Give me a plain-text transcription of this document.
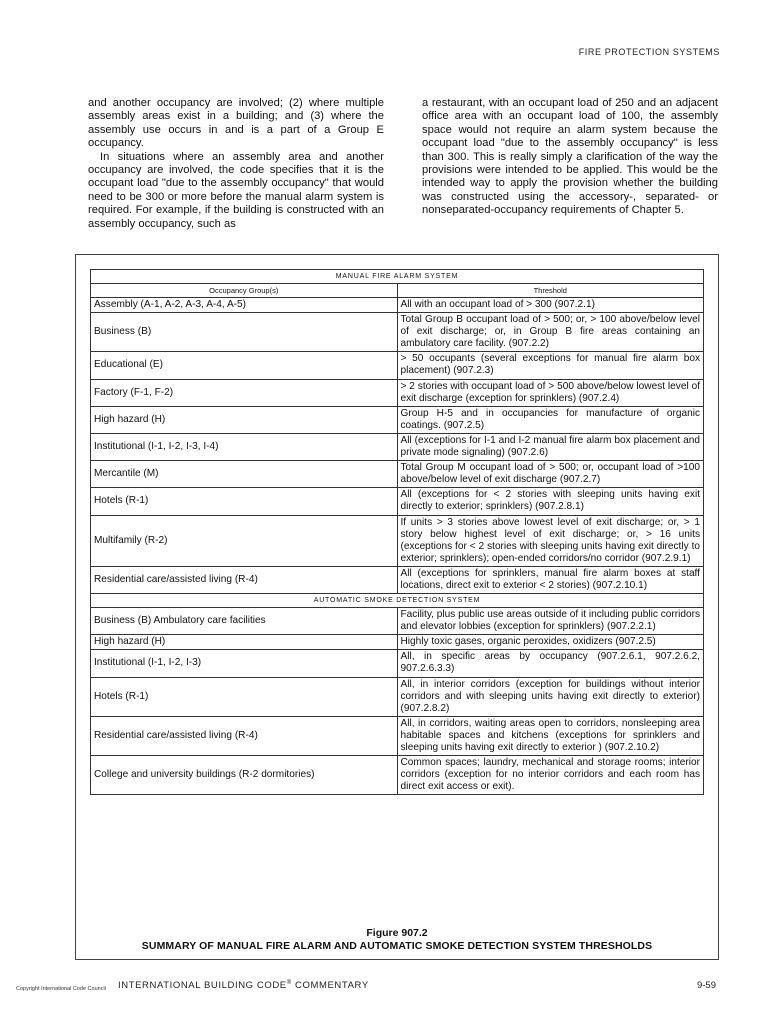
FIRE PROTECTION SYSTEMS

and another occupancy are involved; (2) where multiple assembly areas exist in a building; and (3) where the assembly use occurs in and is a part of a Group E occupancy.

In situations where an assembly area and another occupancy are involved, the code specifies that it is the occupant load "due to the assembly occupancy" that would need to be 300 or more before the manual alarm system is required. For example, if the building is constructed with an assembly occupancy, such as

a restaurant, with an occupant load of 250 and an adjacent office area with an occupant load of 100, the assembly space would not require an alarm system because the occupant load "due to the assembly occupancy" is less than 300. This is really simply a clarification of the way the provisions were intended to be applied. This would be the intended way to apply the provision whether the building was constructed using the accessory-, separated- or nonseparated-occupancy requirements of Chapter 5.

MANUAL FIRE ALARM SYSTEM	
Occupancy Group(s)	Threshold
Assembly (A-1, A-2, A-3, A-4, A-5)	All with an occupant load of > 300 (907.2.1)
Business (B)	Total Group B occupant load of > 500; or, > 100 above/below level of exit discharge; or, in Group B fire areas containing an ambulatory care facility. (907.2.2)
Educational (E)	> 50 occupants (several exceptions for manual fire alarm box placement) (907.2.3)
Factory (F-1, F-2)	> 2 stories with occupant load of > 500 above/below lowest level of exit discharge (exception for sprinklers) (907.2.4)
High hazard (H)	Group H-5 and in occupancies for manufacture of organic coatings. (907.2.5)
Institutional (I-1, I-2, I-3, I-4)	All (exceptions for I-1 and I-2 manual fire alarm box placement and private mode signaling) (907.2.6)
Mercantile (M)	Total Group M occupant load of > 500; or, occupant load of >100 above/below level of exit discharge (907.2.7)
Hotels (R-1)	All (exceptions for < 2 stories with sleeping units having exit directly to exterior; sprinklers) (907.2.8.1)
Multifamily (R-2)	If units > 3 stories above lowest level of exit discharge; or, > 1 story below highest level of exit discharge; or, > 16 units (exceptions for < 2 stories with sleeping units having exit directly to exterior; sprinklers); open-ended corridors/no corridor (907.2.9.1)
Residential care/assisted living (R-4)	All (exceptions for sprinklers, manual fire alarm boxes at staff locations, direct exit to exterior < 2 stories) (907.2.10.1)
AUTOMATIC SMOKE DETECTION SYSTEM	
Business (B) Ambulatory care facilities	Facility, plus public use areas outside of it including public corridors and elevator lobbies (exception for sprinklers) (907.2.2.1)
High hazard (H)	Highly toxic gases, organic peroxides, oxidizers (907.2.5)
Institutional (I-1, I-2, I-3)	All, in specific areas by occupancy (907.2.6.1, 907.2.6.2, 907.2.6.3.3)
Hotels (R-1)	All, in interior corridors (exception for buildings without interior corridors and with sleeping units having exit directly to exterior) (907.2.8.2)
Residential care/assisted living (R-4)	All, in corridors, waiting areas open to corridors, nonsleeping area habitable spaces and kitchens (exceptions for sprinklers and sleeping units having exit directly to exterior ) (907.2.10.2)
College and university buildings (R-2 dormitories)	Common spaces; laundry, mechanical and storage rooms; interior corridors (exception for no interior corridors and each room has direct exit access or exit).
Figure 907.2
SUMMARY OF MANUAL FIRE ALARM AND AUTOMATIC SMOKE DETECTION SYSTEM THRESHOLDS
Copyright International Code Council INTERNATIONAL BUILDING CODE® COMMENTARY	9-59
